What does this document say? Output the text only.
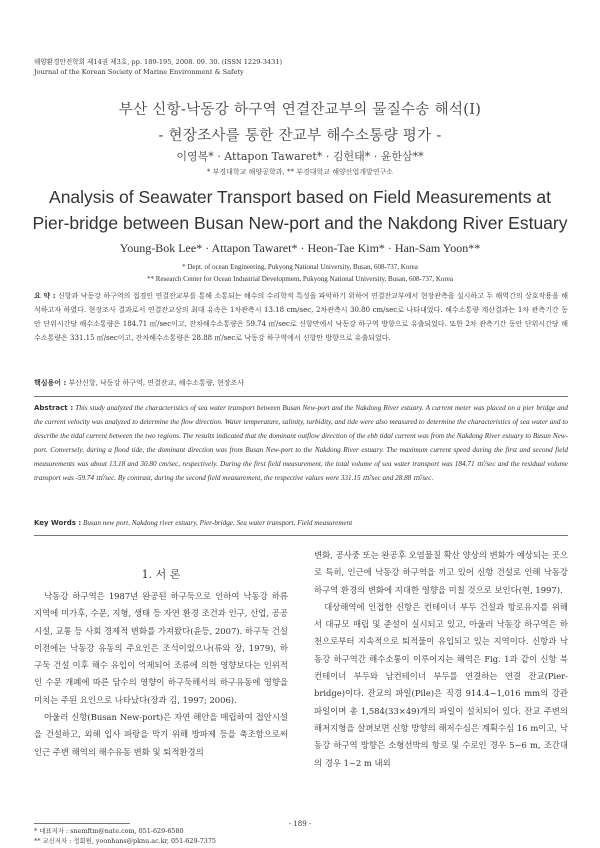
해양환경안전학회 제14권 제3호, pp. 189-195, 2008. 09. 30. (ISSN 1229-3431)
Journal of the Korean Society of Marine Environment & Safety
부산 신항-낙동강 하구역 연결잔교부의 물질수송 해석(I)
- 현장조사를 통한 잔교부 해수소통량 평가 -
이영복* · Attapon Tawaret* · 김헌태* · 윤한삼**
* 부경대학교 해양공학과, ** 부경대학교 해양산업개발연구소
Analysis of Seawater Transport based on Field Measurements at
Pier-bridge between Busan New-port and the Nakdong River Estuary
Young-Bok Lee* · Attapon Tawaret* · Heon-Tae Kim* · Han-Sam Yoon**
* Dept. of ocean Engineering, Pukyong National University, Busan, 608-737, Korea
** Research Center for Ocean Industrial Development, Pukyong National University, Busan, 608-737, Korea
요 약 : 신항과 낙동강 하구역의 접경인 연결잔교부를 통해 소통되는 해수의 수리학적 특성을 파악하기 위하여 연결잔교부에서 현장관측을 실시하고 두 해역간의 상호작용을 해석하고자 하였다. 현장조사 결과로서 연결잔교상의 최대 유속은 1차관측시 13.18 cm/sec, 2차관측시 30.80 cm/sec로 나타내었다. 해수소통량 계산결과는 1차 관측기간 동안 단위시간당 해수소통량은 184.71 ㎥/sec이고, 잔차해수소통량은 59.74 ㎥/sec로 신항만에서 낙동강 하구역 방향으로 유출되었다. 또한 2차 관측기간 동안 단위시간당 해수소통량은 331.15 ㎥/sec이고, 잔차해수소통량은 28.88 ㎥/sec로 낙동강 하구역에서 신항만 방향으로 유출되었다.
핵심용어 : 부산신항, 낙동강 하구역, 연결잔교, 해수소통량, 현장조사
Abstract : This study analyzed the characteristics of sea water transport between Busan New-port and the Nakdong River estuary. A current meter was placed on a pier bridge and the current velocity was analyzed to determine the flow direction. Water temperature, salinity, turbidity, and tide were also measured to determine the characteristics of sea water and to describe the tidal current between the two regions. The results indicated that the dominant outflow direction of the ebb tidal current was from the Nakdong River estuary to Busan New-port. Conversely, during a flood tide, the dominant direction was from Busan New-port to the Nakdong River estuary. The maximum current speed during the first and second field measurements was about 13.18 and 30.80 cm/sec, respectively. During the first field measurement, the total volume of sea water transport was 184.71 ㎥/sec and the residual volume transport was -59.74 ㎥/sec. By contrast, during the second field measurement, the respective values were 331.15 ㎥/sec and 28.88 ㎥/sec.
Key Words : Busan new port, Nakdong river estuary, Pier-bridge, Sea water transport, Field measurement
1. 서 론

낙동강 하구역은 1987년 완공된 하구둑으로 인하여 낙동강 하류 지역에 미가후, 수문, 지형, 생태 등 자연 환경 조건과 인구, 산업, 공공시설, 교통 등 사회 경제적 변화를 가져왔다(윤등, 2007). 하구둑 건설 이전에는 낙동강 유동의 주요인은 조석이었으나(류와 장, 1979), 하구둑 건설 이후 해수 유입이 억제되어 조류에 의한 영향보다는 인위적인 수문 개폐에 따른 담수의 영향이 하구둑해서의 하구유동에 영향을 미치는 주된 요인으로 나타났다(장과 김, 1997; 2006).

아울러 신항(Busan New-port)은 자연 해안을 매립하여 접안시설을 건설하고, 외해 입사 파랑을 막기 위해 방파제 등을 축조함으로써 인근 주변 해역의 해수유동 변화 및 퇴적환경의

변화, 공사중 또는 완공후 오염물질 확산 양상의 변화가 예상되는 곳으로 특히, 인근에 낙동강 하구역을 끼고 있어 신항 건설로 인해 낙동강 하구역 환경의 변화에 지대한 영향을 미칠 것으로 보인다(현, 1997).

대상해역에 인접한 신항은 컨테이너 부두 건설과 항로유지를 위해서 대규모 매립 및 준설이 실시되고 있고, 아울러 낙동강 하구역은 하천으로부터 지속적으로 퇴적물이 유입되고 있는 지역이다. 신항과 낙동강 하구역간 해수소통이 이루어지는 해역은 Fig. 1과 같이 신항 북컨테이너 부두와 남컨테이너 부두를 연결하는 연결 잔교(Pier-bridge)이다. 잔교의 파일(Pile)은 직경 914.4~1,016 mm의 강관파일이며 총 1,584(33×49)개의 파일이 설치되어 있다. 잔교 주변의 해저지형을 살펴보면 신항 방향의 해저수심은 계획수심 16 m이고, 낙동강 하구역 방향은 소형선박의 항로 및 수로인 경우 5~6 m, 조간대의 경우 1~2 m 내외

* 대표저자 : snemftm@nate.com, 051-629-6580
** 교신저자 : 정회원, yoonhans@pknu.ac.kr, 051-629-7375
- 189 -
